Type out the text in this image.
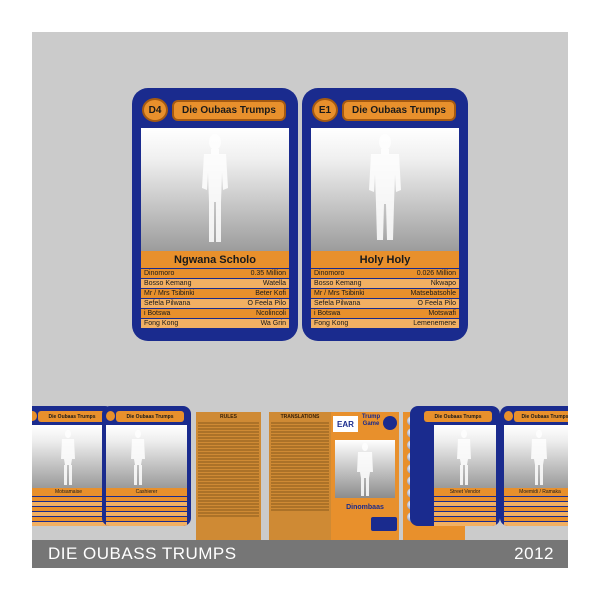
D4	Die Oubaas Trumps
Ngwana Scholo
Dinomoro	0.35 Million
Bosso Kemang	Watella
Mr / Mrs Tsibinki	Beter Kofi
Sefela Pilwana	O Feela Pilo
i Botswa	Ncolincoli
Fong Kong	Wa Grin
E1	Die Oubaas Trumps
Holy Holy
Dinomoro	0.026 Million
Bosso Kemang	Nkwapo
Mr / Mrs Tsibinki	Matsebatsohle
Sefela Pilwana	O Feela Pilo
i Botswa	Motswafi
Fong Kong	Lemenemene
Die Oubaas Trumps
Motsamaise
Die Oubaas Trumps
Cashierer
RULES	TRANSLATIONS
EAR
Trump Game
Dinombaas
Die Oubaas Trumps
Street Vendor
Die Oubaas Trumps
Moemidi / Ramaka
DIE OUBASS TRUMPS	2012
